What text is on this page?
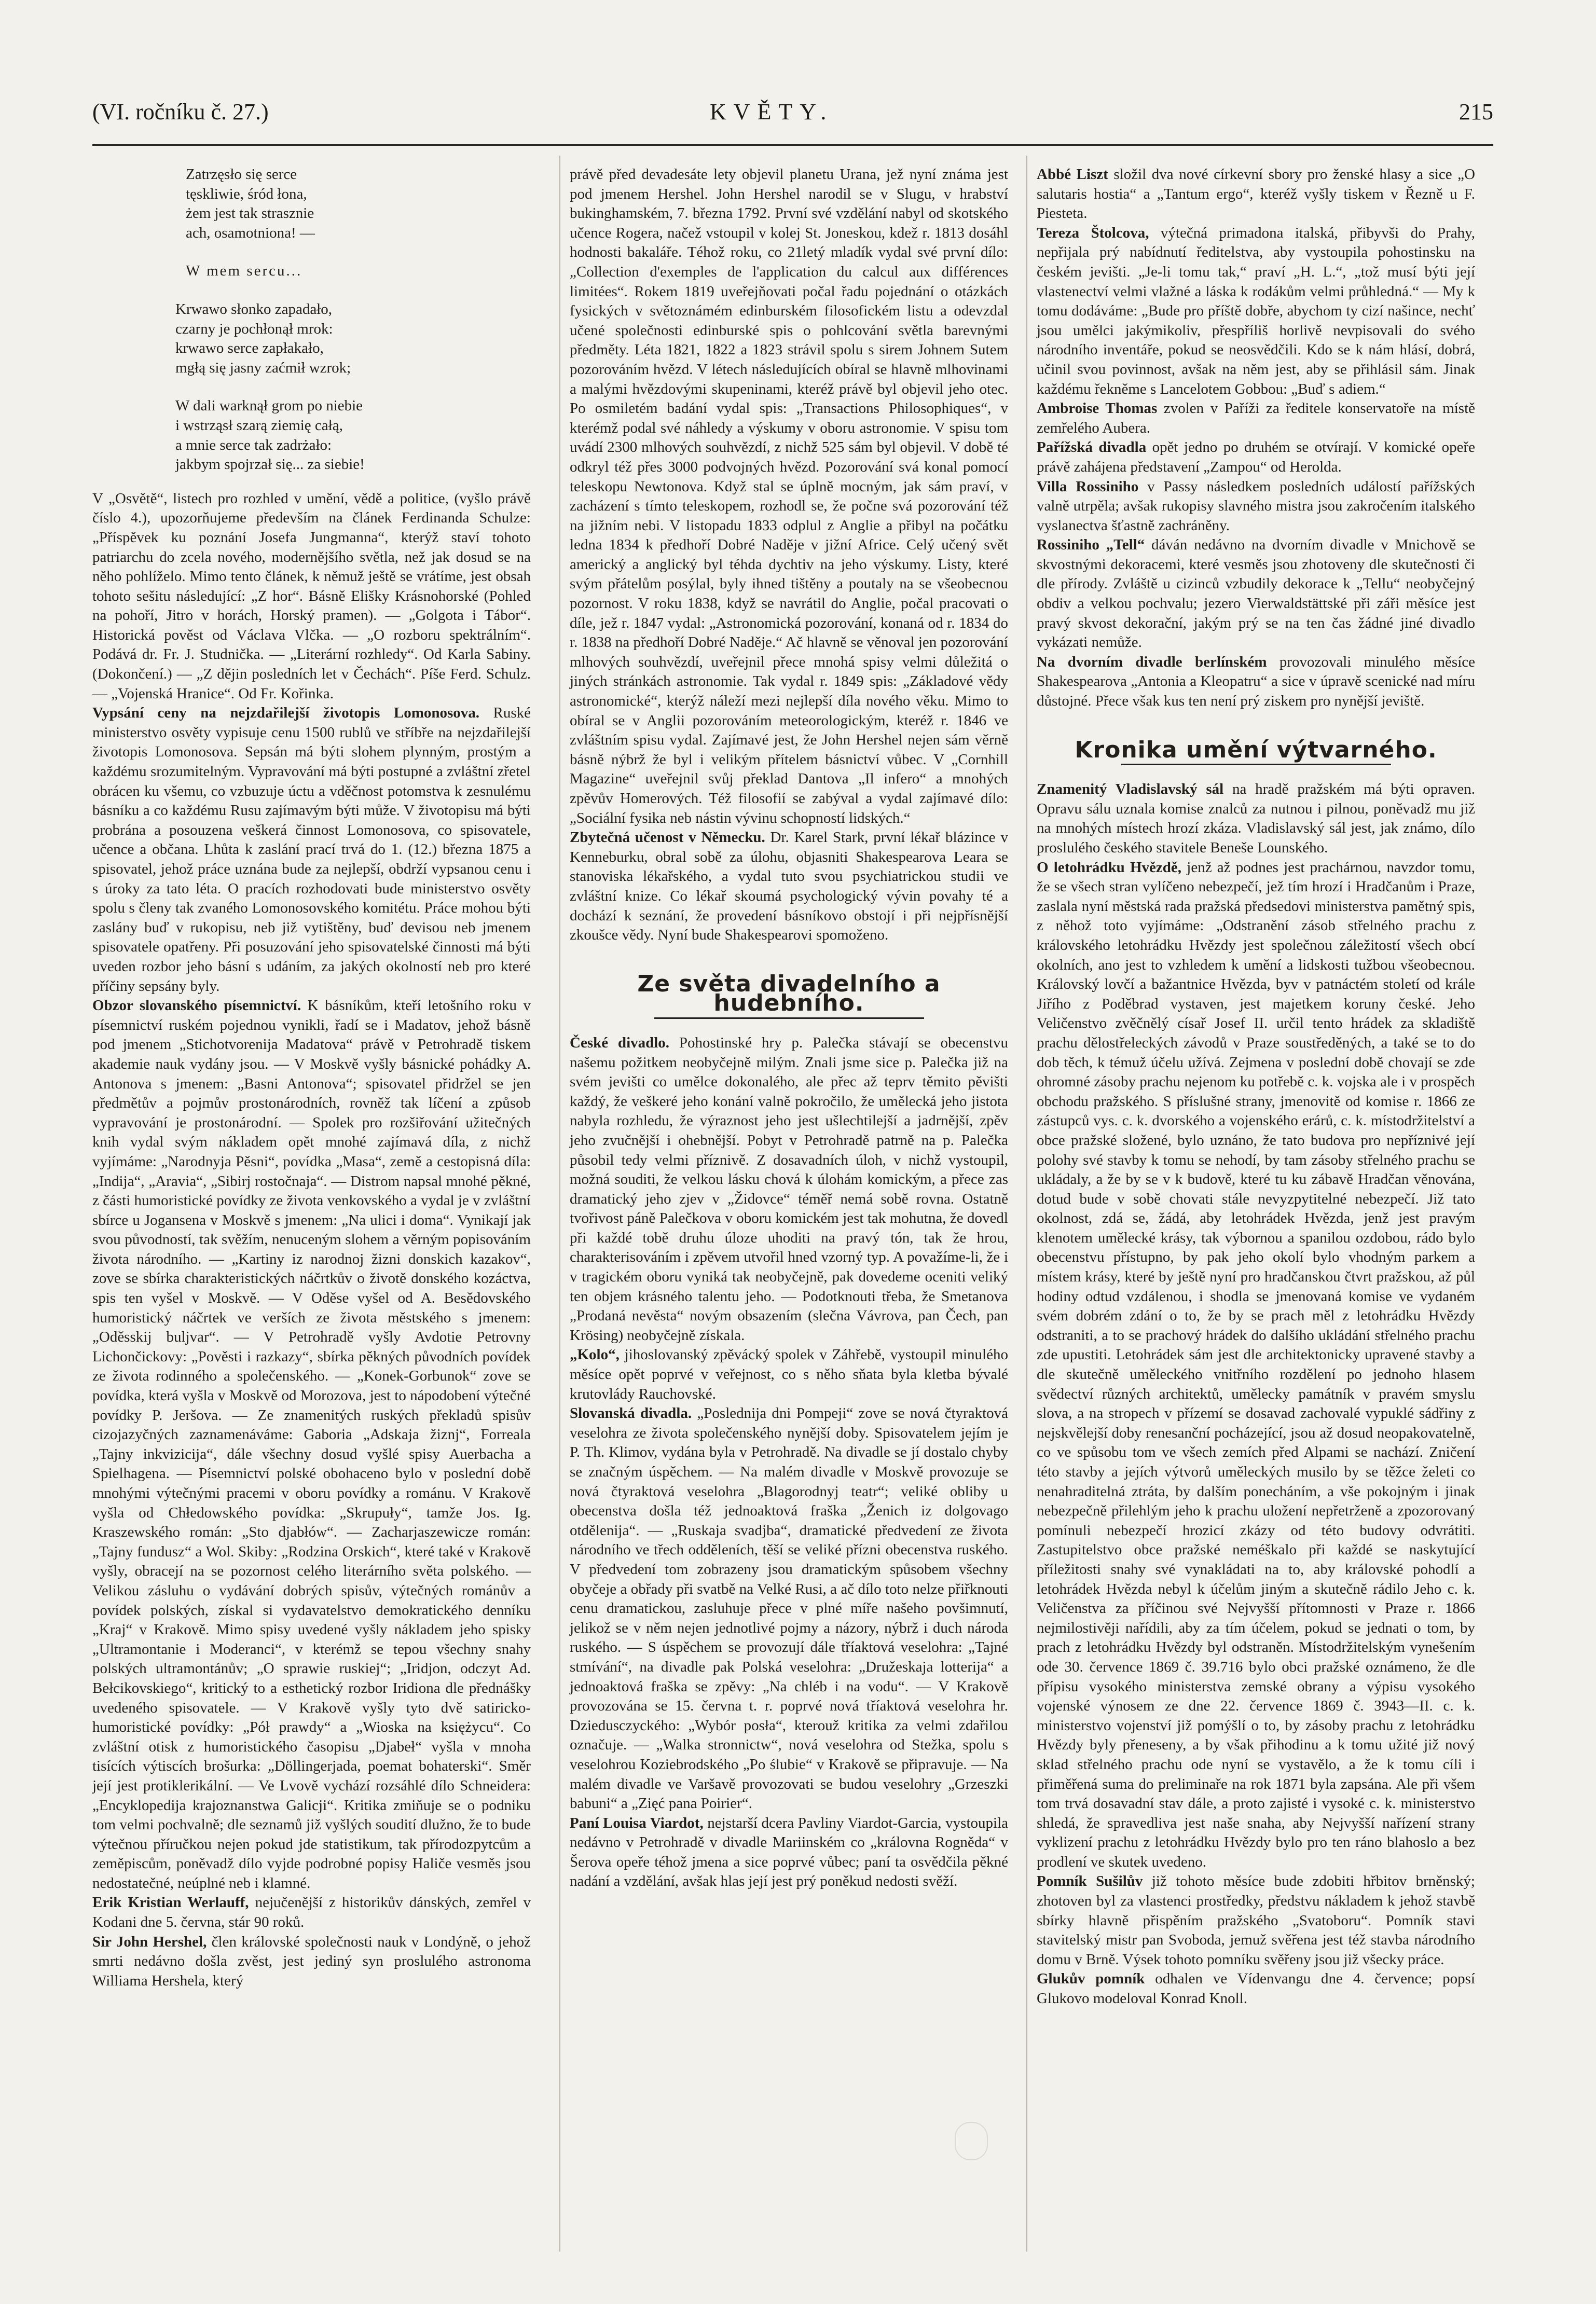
(VI. ročníku č. 27.)	KVĚTY.	215
Zatrzęsło się serce
tęskliwie, śród łona,
żem jest tak strasznie
ach, osamotniona! —
W mem sercu...
Krwawo słonko zapadało,
czarny je pochłonął mrok:
krwawo serce zapłakało,
mgłą się jasny zaćmił wzrok;
W dali warknął grom po niebie
i wstrząsł szarą ziemię całą,
a mnie serce tak zadrżało:
jakbym spojrzał się... za siebie!

V „Osvětě“, listech pro rozhled v umění, vědě a politice, (vyšlo právě číslo 4.), upozorňujeme především na článek Ferdinanda Schulze: „Příspěvek ku poznání Josefa Jungmanna“, kterýž staví tohoto patriarchu do zcela nového, modernějšího světla, než jak dosud se na něho pohlíželo. Mimo tento článek, k němuž ještě se vrátíme, jest obsah tohoto sešitu následující: „Z hor“. Básně Elišky Krásnohorské (Pohled na pohoří, Jitro v horách, Horský pramen). — „Golgota i Tábor“. Historická pověst od Václava Vlčka. — „O rozboru spektrálním“. Podává dr. Fr. J. Studnička. — „Literární rozhledy“. Od Karla Sabiny. (Dokončení.) — „Z dějin posledních let v Čechách“. Píše Ferd. Schulz. — „Vojenská Hranice“. Od Fr. Kořinka.

Vypsání ceny na nejzdařilejší životopis Lomonosova. Ruské ministerstvo osvěty vypisuje cenu 1500 rublů ve stříbře na nejzdařilejší životopis Lomonosova. Sepsán má býti slohem plynným, prostým a každému srozumitelným. Vypravování má býti postupné a zvláštní zřetel obrácen ku všemu, co vzbuzuje úctu a vděčnost potomstva k zesnulému básníku a co každému Rusu zajímavým býti může. V životopisu má býti probrána a posouzena veškerá činnost Lomonosova, co spisovatele, učence a občana. Lhůta k zaslání prací trvá do 1. (12.) března 1875 a spisovatel, jehož práce uznána bude za nejlepší, obdrží vypsanou cenu i s úroky za tato léta. O pracích rozhodovati bude ministerstvo osvěty spolu s členy tak zvaného Lomonosovského komitétu. Práce mohou býti zaslány buď v rukopisu, neb již vytištěny, buď devisou neb jmenem spisovatele opatřeny. Při posuzování jeho spisovatelské činnosti má býti uveden rozbor jeho básní s udáním, za jakých okolností neb pro které příčiny sepsány byly.

Obzor slovanského písemnictví. K básníkům, kteří letošního roku v písemnictví ruském pojednou vynikli, řadí se i Madatov, jehož básně pod jmenem „Stichotvorenija Madatova“ právě v Petrohradě tiskem akademie nauk vydány jsou. — V Moskvě vyšly básnické pohádky A. Antonova s jmenem: „Basni Antonova“; spisovatel přidržel se jen předmětův a pojmův prostonárodních, rovněž tak líčení a způsob vypravování je prostonárodní. — Spolek pro rozšiřování užitečných knih vydal svým nákladem opět mnohé zajímavá díla, z nichž vyjímáme: „Narodnyja Pěsni“, povídka „Masa“, země a cestopisná díla: „Indija“, „Aravia“, „Sibirj rostočnaja“. — Distrom napsal mnohé pěkné, z části humoristické povídky ze života venkovského a vydal je v zvláštní sbírce u Jogansena v Moskvě s jmenem: „Na ulici i doma“. Vynikají jak svou původností, tak svěžím, nenuceným slohem a věrným popisováním života národního. — „Kartiny iz narodnoj žizni donskich kazakov“, zove se sbírka charakteristických náčrtkův o životě donského kozáctva, spis ten vyšel v Moskvě. — V Oděse vyšel od A. Besědovského humoristický náčrtek ve verších ze života městského s jmenem: „Oděsskij buljvar“. — V Petrohradě vyšly Avdotie Petrovny Lichončickovy: „Pověsti i razkazy“, sbírka pěkných původních povídek ze života rodinného a společenského. — „Konek-Gorbunok“ zove se povídka, která vyšla v Moskvě od Morozova, jest to nápodobení výtečné povídky P. Jeršova. — Ze znamenitých ruských překladů spisův cizojazyčných zaznamenáváme: Gaboria „Adskaja žiznj“, Forreala „Tajny inkvizicija“, dále všechny dosud vyšlé spisy Auerbacha a Spielhagena. — Písemnictví polské obohaceno bylo v poslední době mnohými výtečnými pracemi v oboru povídky a románu. V Krakově vyšla od Chłedowského povídka: „Skrupuły“, tamže Jos. Ig. Kraszewského román: „Sto djabłów“. — Zacharjaszewicze román: „Tajny fundusz“ a Wol. Skiby: „Rodzina Orskich“, které také v Krakově vyšly, obracejí na se pozornost celého literárního světa polského. — Velikou zásluhu o vydávání dobrých spisův, výtečných románův a povídek polských, získal si vydavatelstvo demokratického denníku „Kraj“ v Krakově. Mimo spisy uvedené vyšly nákladem jeho spisky „Ultramontanie i Moderanci“, v kterémž se tepou všechny snahy polských ultramontánův; „O sprawie ruskiej“; „Iridjon, odczyt Ad. Bełcikovskiego“, kritický to a esthetický rozbor Iridiona dle přednášky uvedeného spisovatele. — V Krakově vyšly tyto dvě satiricko-humoristické povídky: „Pół prawdy“ a „Wioska na księżycu“. Co zvláštní otisk z humoristického časopisu „Djabeł“ vyšla v mnoha tisících výtiscích brošurka: „Döllingerjada, poemat bohaterski“. Směr její jest protiklerikální. — Ve Lvově vychází rozsáhlé dílo Schneidera: „Encyklopedija krajoznanstwa Galicji“. Kritika zmiňuje se o podniku tom velmi pochvalně; dle seznamů již vyšlých soudití dlužno, že to bude výtečnou příručkou nejen pokud jde statistikum, tak přírodozpytcům a zeměpiscům, poněvadž dílo vyjde podrobné popisy Haliče vesměs jsou nedostatečné, neúplné neb i klamné.

Erik Kristian Werlauff, nejučenější z historikův dánských, zemřel v Kodani dne 5. června, stár 90 roků.

Sir John Hershel, člen královské společnosti nauk v Londýně, o jehož smrti nedávno došla zvěst, jest jediný syn proslulého astronoma Williama Hershela, který

právě před devadesáte lety objevil planetu Urana, jež nyní známa jest pod jmenem Hershel. John Hershel narodil se v Slugu, v hrabství bukinghamském, 7. března 1792. První své vzdělání nabyl od skotského učence Rogera, načež vstoupil v kolej St. Joneskou, kdež r. 1813 dosáhl hodnosti bakaláře. Téhož roku, co 21letý mladík vydal své první dílo: „Collection d'exemples de l'application du calcul aux différences limitées“. Rokem 1819 uveřejňovati počal řadu pojednání o otázkách fysických v světoznámém edinburském filosofickém listu a odevzdal učené společnosti edinburské spis o pohlcování světla barevnými předměty. Léta 1821, 1822 a 1823 strávil spolu s sirem Johnem Sutem pozorováním hvězd. V létech následujících obíral se hlavně mlhovinami a malými hvězdovými skupeninami, kteréž právě byl objevil jeho otec. Po osmiletém badání vydal spis: „Transactions Philosophiques“, v kterémž podal své náhledy a výskumy v oboru astronomie. V spisu tom uvádí 2300 mlhových souhvězdí, z nichž 525 sám byl objevil. V době té odkryl též přes 3000 podvojných hvězd. Pozorování svá konal pomocí teleskopu Newtonova. Když stal se úplně mocným, jak sám praví, v zacházení s tímto teleskopem, rozhodl se, že počne svá pozorování též na jižním nebi. V listopadu 1833 odplul z Anglie a přibyl na počátku ledna 1834 k předhoří Dobré Naděje v jižní Africe. Celý učený svět americký a anglický byl téhda dychtiv na jeho výskumy. Listy, které svým přátelům posýlal, byly ihned tištěny a poutaly na se všeobecnou pozornost. V roku 1838, když se navrátil do Anglie, počal pracovati o díle, jež r. 1847 vydal: „Astronomická pozorování, konaná od r. 1834 do r. 1838 na předhoří Dobré Naděje.“ Ač hlavně se věnoval jen pozorování mlhových souhvězdí, uveřejnil přece mnohá spisy velmi důležitá o jiných stránkách astronomie. Tak vydal r. 1849 spis: „Základové vědy astronomické“, kterýž náleží mezi nejlepší díla nového věku. Mimo to obíral se v Anglii pozorováním meteorologickým, kteréž r. 1846 ve zvláštním spisu vydal. Zajímavé jest, že John Hershel nejen sám věrně básně nýbrž že byl i velikým přítelem básnictví vůbec. V „Cornhill Magazine“ uveřejnil svůj překlad Dantova „Il infero“ a mnohých zpěvův Homerových. Též filosofií se zabýval a vydal zajímavé dílo: „Sociální fysika neb nástin vývinu schopností lidských.“

Zbytečná učenost v Německu. Dr. Karel Stark, první lékař blázince v Kenneburku, obral sobě za úlohu, objasniti Shakespearova Leara se stanoviska lékařského, a vydal tuto svou psychiatrickou studii ve zvláštní knize. Co lékař skoumá psychologický vývin povahy té a dochází k seznání, že provedení básníkovo obstojí i při nejpřísnější zkoušce vědy. Nyní bude Shakespearovi spomoženo.

Ze světa divadelního a hudebního.

České divadlo. Pohostinské hry p. Palečka stávají se obecenstvu našemu požitkem neobyčejně milým. Znali jsme sice p. Palečka již na svém jevišti co umělce dokonalého, ale přec až teprv těmito pěvišti každý, že veškeré jeho konání valně pokročilo, že umělecká jeho jistota nabyla rozhledu, že výraznost jeho jest ušlechtilejší a jadrnější, zpěv jeho zvučnější i ohebnější. Pobyt v Petrohradě patrně na p. Palečka působil tedy velmi příznivě. Z dosavadních úloh, v nichž vystoupil, možná souditi, že velkou lásku chová k úlohám komickým, a přece zas dramatický jeho zjev v „Židovce“ téměř nemá sobě rovna. Ostatně tvořivost páně Palečkova v oboru komickém jest tak mohutna, že dovedl při každé tobě druhu úloze uhoditi na pravý tón, tak že hrou, charakterisováním i zpěvem utvořil hned vzorný typ. A považíme-li, že i v tragickém oboru vyniká tak neobyčejně, pak dovedeme oceniti veliký ten objem krásného talentu jeho. — Podotknouti třeba, že Smetanova „Prodaná nevěsta“ novým obsazením (slečna Vávrova, pan Čech, pan Krösing) neobyčejně získala.

„Kolo“, jihoslovanský zpěvácký spolek v Záhřebě, vystoupil minulého měsíce opět poprvé v veřejnost, co s něho sňata byla kletba bývalé krutovlády Rauchovské.

Slovanská divadla. „Poslednija dni Pompeji“ zove se nová čtyraktová veselohra ze života společenského nynější doby. Spisovatelem jejím je P. Th. Klimov, vydána byla v Petrohradě. Na divadle se jí dostalo chyby se značným úspěchem. — Na malém divadle v Moskvě provozuje se nová čtyraktová veselohra „Blagorodnyj teatr“; veliké obliby u obecenstva došla též jednoaktová fraška „Ženich iz dolgovago otdělenija“. — „Ruskaja svadjba“, dramatické předvedení ze života národního ve třech odděleních, těší se veliké přízni obecenstva ruského. V předvedení tom zobrazeny jsou dramatickým spůsobem všechny obyčeje a obřady při svatbě na Velké Rusi, a ač dílo toto nelze přiřknouti cenu dramatickou, zasluhuje přece v plné míře našeho povšimnutí, jelikož se v něm nejen jednotlivé pojmy a názory, nýbrž i duch národa ruského. — S úspěchem se provozují dále tříaktová veselohra: „Tajné stmívání“, na divadle pak Polská veselohra: „Družeskaja lotterija“ a jednoaktová fraška se zpěvy: „Na chléb i na vodu“. — V Krakově provozována se 15. června t. r. poprvé nová tříaktová veselohra hr. Dziedusczyckého: „Wybór posła“, kterouž kritika za velmi zdařilou označuje. — „Walka stronnictw“, nová veselohra od Stežka, spolu s veselohrou Koziebrodského „Po ślubie“ v Krakově se připravuje. — Na malém divadle ve Varšavě provozovati se budou veselohry „Grzeszki babuni“ a „Zięć pana Poirier“.

Paní Louisa Viardot, nejstarší dcera Pavliny Viardot-Garcia, vystoupila nedávno v Petrohradě v divadle Mariinském co „královna Rogněda“ v Šerova opeře téhož jmena a sice poprvé vůbec; paní ta osvědčila pěkné nadání a vzdělání, avšak hlas její jest prý poněkud nedosti svěží.

Abbé Liszt složil dva nové církevní sbory pro ženské hlasy a sice „O salutaris hostia“ a „Tantum ergo“, kteréž vyšly tiskem v Řezně u F. Piesteta.

Tereza Štolcova, výtečná primadona italská, přibyvši do Prahy, nepřijala prý nabídnutí ředitelstva, aby vystoupila pohostinsku na českém jevišti. „Je-li tomu tak,“ praví „H. L.“, „tož musí býti její vlastenectví velmi vlažné a láska k rodákům velmi průhledná.“ — My k tomu dodáváme: „Bude pro příště dobře, abychom ty cizí našince, nechť jsou umělci jakýmikoliv, přespříliš horlivě nevpisovali do svého národního inventáře, pokud se neosvědčili. Kdo se k nám hlásí, dobrá, učinil svou povinnost, avšak na něm jest, aby se přihlásil sám. Jinak každému řekněme s Lancelotem Gobbou: „Buď s adiem.“

Ambroise Thomas zvolen v Paříži za ředitele konservatoře na místě zemřelého Aubera.

Pařížská divadla opět jedno po druhém se otvírají. V komické opeře právě zahájena představení „Zampou“ od Herolda.

Villa Rossiniho v Passy následkem posledních událostí pařížských valně utrpěla; avšak rukopisy slavného mistra jsou zakročením italského vyslanectva šťastně zachráněny.

Rossiniho „Tell“ dáván nedávno na dvorním divadle v Mnichově se skvostnými dekoracemi, které vesměs jsou zhotoveny dle skutečnosti či dle přírody. Zvláště u cizinců vzbudily dekorace k „Tellu“ neobyčejný obdiv a velkou pochvalu; jezero Vierwaldstättské při záři měsíce jest pravý skvost dekorační, jakým prý se na ten čas žádné jiné divadlo vykázati nemůže.

Na dvorním divadle berlínském provozovali minulého měsíce Shakespearova „Antonia a Kleopatru“ a sice v úpravě scenické nad míru důstojné. Přece však kus ten není prý ziskem pro nynější jeviště.

Kronika umění výtvarného.

Znamenitý Vladislavský sál na hradě pražském má býti opraven. Opravu sálu uznala komise znalců za nutnou i pilnou, poněvadž mu již na mnohých místech hrozí zkáza. Vladislavský sál jest, jak známo, dílo proslulého českého stavitele Beneše Lounského.

O letohrádku Hvězdě, jenž až podnes jest prachárnou, navzdor tomu, že se všech stran vylíčeno nebezpečí, jež tím hrozí i Hradčanům i Praze, zaslala nyní městská rada pražská předsedovi ministerstva pamětný spis, z něhož toto vyjímáme: „Odstranění zásob střelného prachu z královského letohrádku Hvězdy jest společnou záležitostí všech obcí okolních, ano jest to vzhledem k umění a lidskosti tužbou všeobecnou. Královský lovčí a bažantnice Hvězda, byv v patnáctém století od krále Jiřího z Poděbrad vystaven, jest majetkem koruny české. Jeho Veličenstvo zvěčnělý císař Josef II. určil tento hrádek za skladiště prachu dělostřeleckých závodů v Praze soustředěných, a také se to do dob těch, k témuž účelu užívá. Zejmena v poslední době chovají se zde ohromné zásoby prachu nejenom ku potřebě c. k. vojska ale i v prospěch obchodu pražského. S příslušné strany, jmenovitě od komise r. 1866 ze zástupců vys. c. k. dvorského a vojenského erárů, c. k. místodržitelství a obce pražské složené, bylo uznáno, že tato budova pro nepříznivé její polohy své stavby k tomu se nehodí, by tam zásoby střelného prachu se ukládaly, a že by se v k budově, které tu ku zábavě Hradčan věnována, dotud bude v sobě chovati stále nevyzpytitelné nebezpečí. Již tato okolnost, zdá se, žádá, aby letohrádek Hvězda, jenž jest pravým klenotem umělecké krásy, tak výbornou a spanilou ozdobou, rádo bylo obecenstvu přístupno, by pak jeho okolí bylo vhodným parkem a místem krásy, které by ještě nyní pro hradčanskou čtvrt pražskou, až půl hodiny odtud vzdálenou, i shodla se jmenovaná komise ve vydaném svém dobrém zdání o to, že by se prach měl z letohrádku Hvězdy odstraniti, a to se prachový hrádek do dalšího ukládání střelného prachu zde upustiti. Letohrádek sám jest dle architektonicky upravené stavby a dle skutečně uměleckého vnitřního rozdělení po jednoho hlasem svědectví různých architektů, umělecky památník v pravém smyslu slova, a na stropech v přízemí se dosavad zachovalé vypuklé sádřiny z nejskvělejší doby renesanční pocházející, jsou až dosud neopakovatelně, co ve spůsobu tom ve všech zemích před Alpami se nachází. Zničení této stavby a jejích výtvorů uměleckých musilo by se těžce želeti co nenahraditelná ztráta, by dalším ponecháním, a vše pokojným i jinak nebezpečně přilehlým jeho k prachu uložení nepřetrženě a zpozorovaný pomínuli nebezpečí hrozicí zkázy od této budovy odvrátiti. Zastupitelstvo obce pražské neméškalo při každé se naskytující příležitosti snahy své vynakládati na to, aby královské pohodlí a letohrádek Hvězda nebyl k účelům jiným a skutečně rádilo Jeho c. k. Veličenstva za příčinou své Nejvyšší přítomnosti v Praze r. 1866 nejmilostivěji nařídili, aby za tím účelem, pokud se jednati o tom, by prach z letohrádku Hvězdy byl odstraněn. Místodržitelským vynešením ode 30. července 1869 č. 39.716 bylo obci pražské oznámeno, že dle přípisu vysokého ministerstva zemské obrany a výpisu vysokého vojenské výnosem ze dne 22. července 1869 č. 3943—II. c. k. ministerstvo vojenství již pomýšlí o to, by zásoby prachu z letohrádku Hvězdy byly přeneseny, a by však přihodinu a k tomu užité již nový sklad střelného prachu ode nyní se vystavělo, a že k tomu cíli i přiměřená suma do preliminaře na rok 1871 byla zapsána. Ale při všem tom trvá dosavadní stav dále, a proto zajisté i vysoké c. k. ministerstvo shledá, že spravedliva jest naše snaha, aby Nejvyšší nařízení strany vyklizení prachu z letohrádku Hvězdy bylo pro ten ráno blahoslo a bez prodlení ve skutek uvedeno.

Pomník Sušilův již tohoto měsíce bude zdobiti hřbitov brněnský; zhotoven byl za vlastenci prostředky, předstvu nákladem k jehož stavbě sbírky hlavně přispěním pražského „Svatoboru“. Pomník stavi stavitelský mistr pan Svoboda, jemuž svěřena jest též stavba národního domu v Brně. Výsek tohoto pomníku svěřeny jsou již všecky práce.

Glukův pomník odhalen ve Vídenvangu dne 4. července; popsí Glukovo modeloval Konrad Knoll.
